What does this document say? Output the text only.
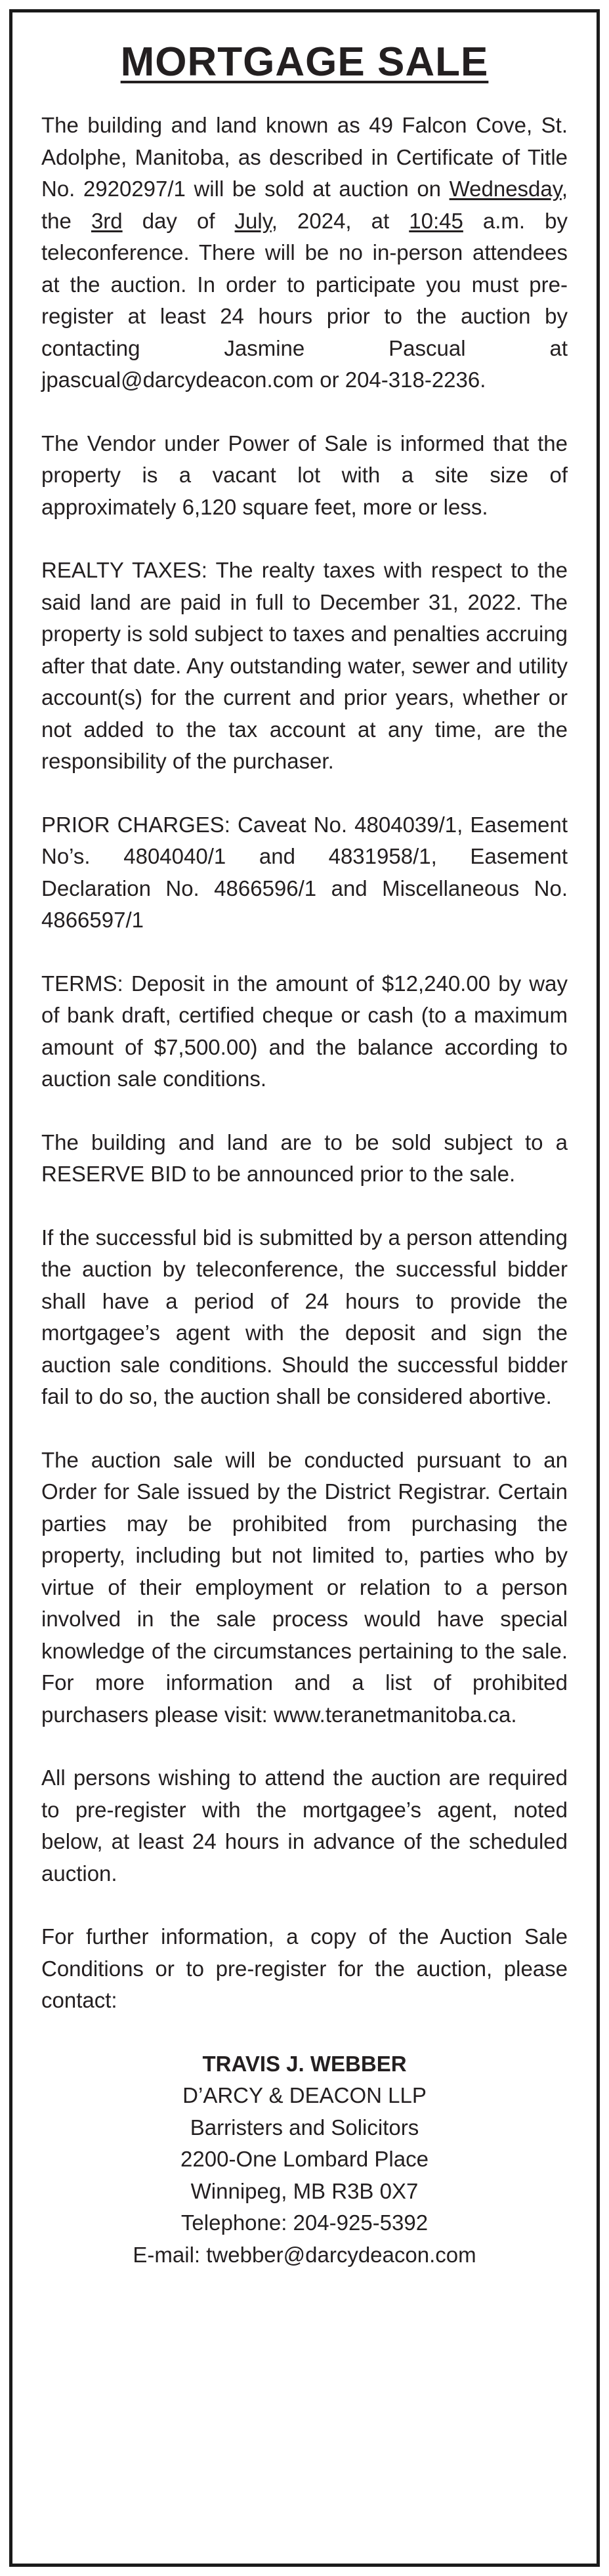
MORTGAGE SALE

The building and land known as 49 Falcon Cove, St. Adolphe, Manitoba, as described in Certificate of Title No. 2920297/1 will be sold at auction on Wednesday, the 3rd day of July, 2024, at 10:45 a.m. by teleconference. There will be no in-person attendees at the auction. In order to participate you must pre-register at least 24 hours prior to the auction by contacting Jasmine Pascual at jpascual@darcydeacon.com or 204-318-2236.

The Vendor under Power of Sale is informed that the property is a vacant lot with a site size of approximately 6,120 square feet, more or less.

REALTY TAXES: The realty taxes with respect to the said land are paid in full to December 31, 2022. The property is sold subject to taxes and penalties accruing after that date. Any outstanding water, sewer and utility account(s) for the current and prior years, whether or not added to the tax account at any time, are the responsibility of the purchaser.

PRIOR CHARGES: Caveat No. 4804039/1, Easement No’s. 4804040/1 and 4831958/1, Easement Declaration No. 4866596/1 and Miscellaneous No. 4866597/1

TERMS: Deposit in the amount of $12,240.00 by way of bank draft, certified cheque or cash (to a maximum amount of $7,500.00) and the balance according to auction sale conditions.

The building and land are to be sold subject to a RESERVE BID to be announced prior to the sale.

If the successful bid is submitted by a person attending the auction by teleconference, the successful bidder shall have a period of 24 hours to provide the mortgagee’s agent with the deposit and sign the auction sale conditions. Should the successful bidder fail to do so, the auction shall be considered abortive.

The auction sale will be conducted pursuant to an Order for Sale issued by the District Registrar. Certain parties may be prohibited from purchasing the property, including but not limited to, parties who by virtue of their employment or relation to a person involved in the sale process would have special knowledge of the circumstances pertaining to the sale. For more information and a list of prohibited purchasers please visit: www.teranetmanitoba.ca.

All persons wishing to attend the auction are required to pre-register with the mortgagee’s agent, noted below, at least 24 hours in advance of the scheduled auction.

For further information, a copy of the Auction Sale Conditions or to pre-register for the auction, please contact:

TRAVIS J. WEBBER
D’ARCY & DEACON LLP
Barristers and Solicitors
2200-One Lombard Place
Winnipeg, MB R3B 0X7
Telephone: 204-925-5392
E-mail: twebber@darcydeacon.com
